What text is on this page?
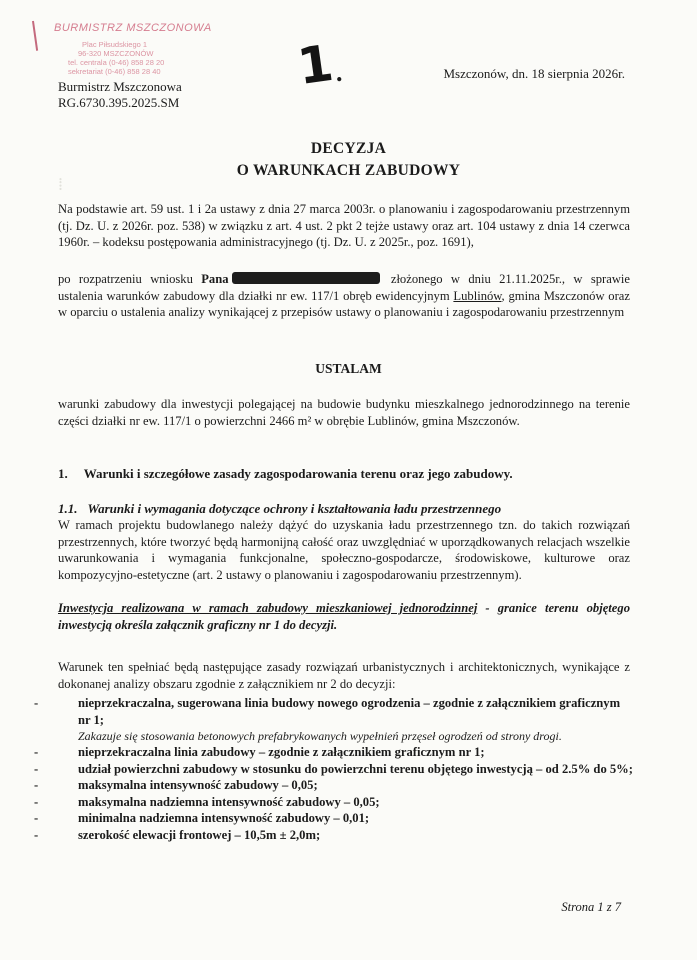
BURMISTRZ MSZCZONOWA
Plac Piłsudskiego 1
96-320 MSZCZONÓW
tel. centrala (0-46) 858 28 20
sekretariat (0-46) 858 28 40
Burmistrz Mszczonowa
RG.6730.395.2025.SM
1 .	Mszczonów, dn. 18 sierpnia 2026r.
DECYZJA
O WARUNKACH ZABUDOWY
⁞
Na podstawie art. 59 ust. 1 i 2a ustawy z dnia 27 marca 2003r. o planowaniu i zagospodarowaniu przestrzennym (tj. Dz. U. z 2026r. poz. 538) w związku z art. 4 ust. 2 pkt 2 tejże ustawy oraz art. 104 ustawy z dnia 14 czerwca 1960r. – kodeksu postępowania administracyjnego (tj. Dz. U. z 2025r., poz. 1691),
po rozpatrzeniu wniosku Pana	złożonego w dniu 21.11.2025r., w sprawie ustalenia warunków zabudowy dla działki nr ew. 117/1 obręb ewidencyjnym Lublinów, gmina Mszczonów oraz w oparciu o ustalenia analizy wynikającej z przepisów ustawy o planowaniu i zagospodarowaniu przestrzennym
USTALAM
warunki zabudowy dla inwestycji polegającej na budowie budynku mieszkalnego jednorodzinnego na terenie części działki nr ew. 117/1 o powierzchni 2466 m² w obrębie Lublinów, gmina Mszczonów.
1. Warunki i szczegółowe zasady zagospodarowania terenu oraz jego zabudowy.
1.1. Warunki i wymagania dotyczące ochrony i kształtowania ładu przestrzennego
W ramach projektu budowlanego należy dążyć do uzyskania ładu przestrzennego tzn. do takich rozwiązań przestrzennych, które tworzyć będą harmonijną całość oraz uwzględniać w uporządkowanych relacjach wszelkie uwarunkowania i wymagania funkcjonalne, społeczno-gospodarcze, środowiskowe, kulturowe oraz kompozycyjno-estetyczne (art. 2 ustawy o planowaniu i zagospodarowaniu przestrzennym).
Inwestycja realizowana w ramach zabudowy mieszkaniowej jednorodzinnej - granice terenu objętego inwestycją określa załącznik graficzny nr 1 do decyzji.
Warunek ten spełniać będą następujące zasady rozwiązań urbanistycznych i architektonicznych, wynikające z dokonanej analizy obszaru zgodnie z załącznikiem nr 2 do decyzji:
-	nieprzekraczalna, sugerowana linia budowy nowego ogrodzenia – zgodnie z załącznikiem graficznym nr 1;
Zakazuje się stosowania betonowych prefabrykowanych wypełnień przęseł ogrodzeń od strony drogi.
-	nieprzekraczalna linia zabudowy – zgodnie z załącznikiem graficznym nr 1;
-	udział powierzchni zabudowy w stosunku do powierzchni terenu objętego inwestycją – od 2.5% do 5%;
-	maksymalna intensywność zabudowy – 0,05;
-	maksymalna nadziemna intensywność zabudowy – 0,05;
-	minimalna nadziemna intensywność zabudowy – 0,01;
-	szerokość elewacji frontowej – 10,5m ± 2,0m;
Strona 1 z 7
